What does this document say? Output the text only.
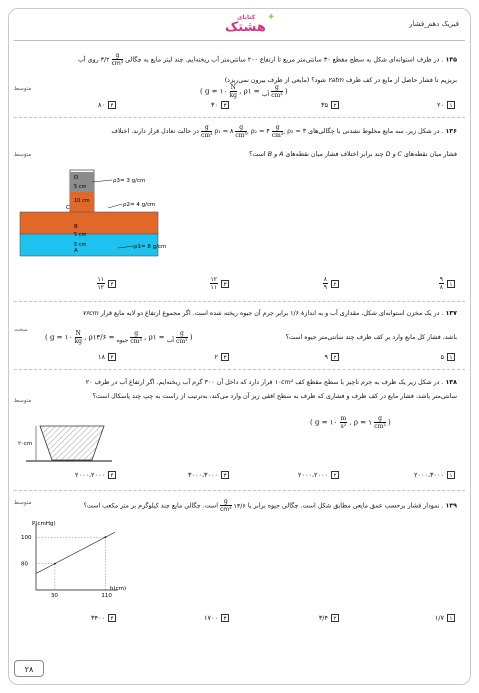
کتابای
هشتک
✦
فیزیک دهم_فشار
۱۳۵ . در ظرف استوانه‌ای شکل به سطح مقطع ۳۰ سانتی‌متر مربع تا ارتفاع ۲۰۰ سانتی‌متر آب ریخته‌ایم. چند لیتر مایع به چگالی
$\frac{g}{\text{cm³}}$
۳/۲ روی آب
بریزیم تا فشار حاصل از مایع در کف ظرف ۲atm شود؟ (مایعی از ظرف بیرون نمی‌ریزد)
متوسط	( g = ۱۰ $\frac{N}{kg}$ , ρ $_{آب}$ = ۱ $\frac{g}{\text{cm³}}$ )
۱۲۰
۲۳۵
۳۳۰
۴۸۰
۱۳۶ . در شکل زیر، سه مایع مخلوط نشدنی با چگالی‌های ρ₁ = ۸ $\frac{g}{\text{cm³}}$ , ρ₂ = ۴ $\frac{g}{\text{cm³}}$
, ρ₃ = ۳
$\frac{g}{\text{cm³}}$
در حالت تعادل قرار دارند. اختلاف
فشار میان نقطه‌های C و D چند برابر اختلاف فشار میان نقطه‌های A و B است؟
متوسط
D
C
B
A
5 cm
10 cm
5 cm
5 cm
ρ3= 3 g/cm
ρ2= 4 g/cm
ρ1= 8 g/cm
۱
$\frac{۹}{۸}$
۲
$\frac{۸}{۹}$
۳
$\frac{۱۲}{۱۱}$
۴
$\frac{۱۱}{۱۲}$
۱۳۷ . در یک مخزن استوانه‌ای شکل، مقداری آب و به اندازهٔ ۱/۶ برابر جرم آن جیوه ریخته شده است. اگر مجموع ارتفاع دو لایه مایع قرار ۷۶cm
باشد، فشار کل مایع وارد بر کف ظرف چند سانتی‌متر جیوه است؟
( g = ۱۰ $\frac{N}{kg}$ , ρ	$_{جیوه}$ = ۱۳/۶ $\frac{g}{\text{cm³}}$ , ρ $_{آب}$ = ۱ $\frac{g}{\text{cm³}}$ )
سخت
۱۵
۲۹
۳۲
۴۱۸
۱۳۸ . در شکل زیر یک ظرف به جرم ناچیز با سطح مقطع کف ۱۰cm² قرار دارد که داخل آن ۳۰۰ گرم آب ریخته‌ایم. اگر ارتفاع آب در ظرف ۲۰
سانتی‌متر باشد، فشار مایع در کف ظرف و فشاری که ظرف به سطح افقی زیر آن وارد می‌کند، به‌ترتیب از راست به چپ چند پاسکال است؟
متوسط
( g = ۱۰ $\frac{m}{\text{s²}}$ , ρ = ۱ $\frac{g}{\text{cm³}}$ )
۲۰cm
۱۲۰۰۰،۳۰۰۰
۲۲۰۰۰،۲۰۰۰
۳۳۰۰۰،۳۰۰۰
۴۲۰۰۰،۲۰۰۰
۱۳۹ . نمودار فشار برحسب عمق مایعی مطابق شکل است. چگالی جیوه برابر با ۱۳/۶
$\frac{g}{\text{cm³}}$
است. چگالی مایع چند کیلوگرم بر متر مکعب است؟
متوسط
P(cmHg)
h(cm)
30
80
110
100
۱۱/۷
۲۳/۴
۳۱۷۰۰
۴۳۴۰۰
۲۸
